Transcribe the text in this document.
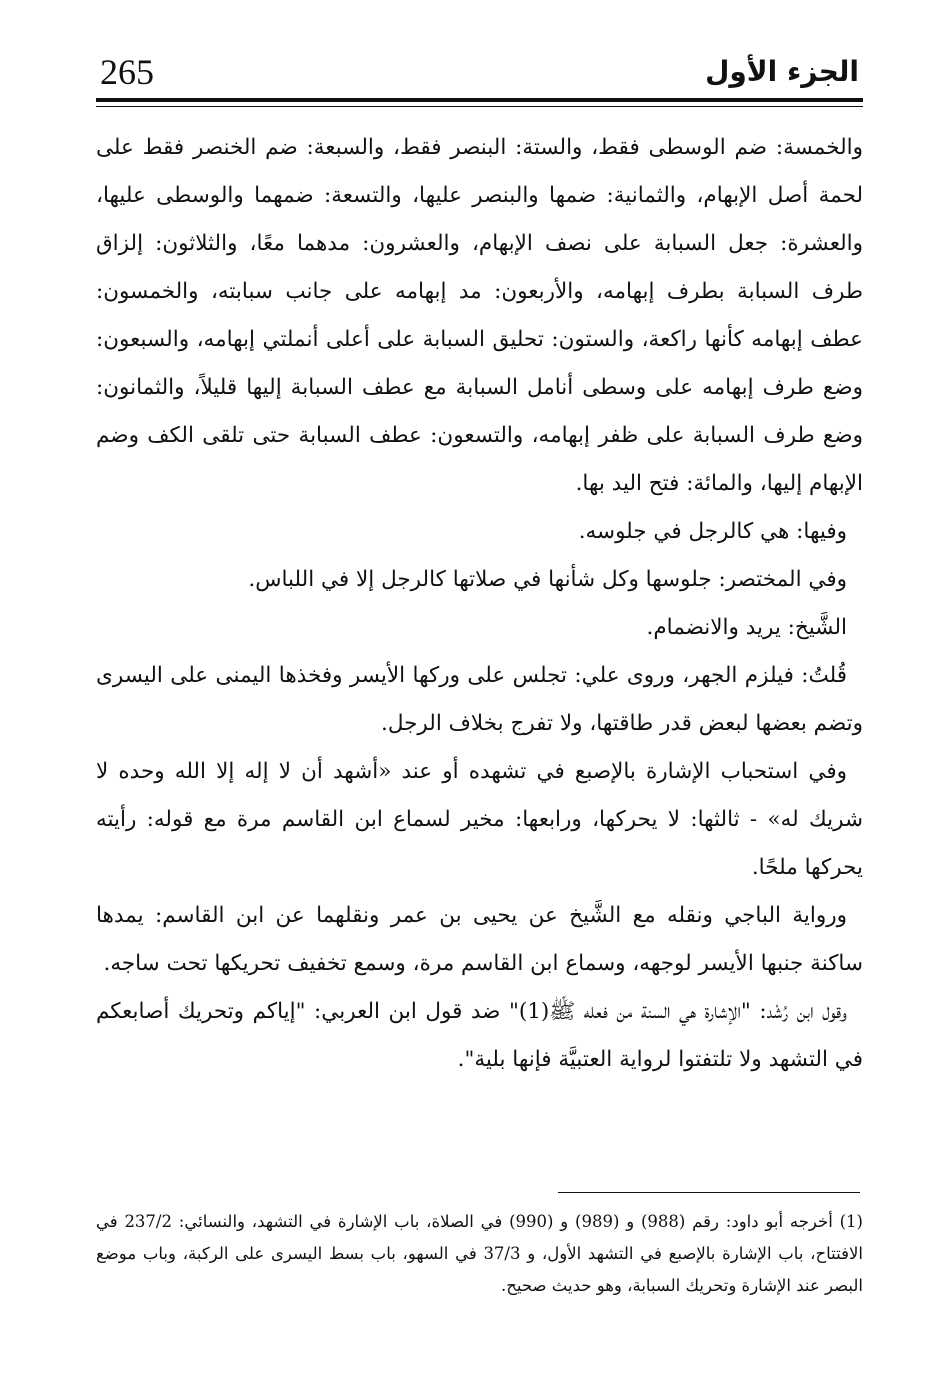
265	الجزء الأول

والخمسة: ضم الوسطى فقط، والستة: البنصر فقط، والسبعة: ضم الخنصر فقط على لحمة أصل الإبهام، والثمانية: ضمها والبنصر عليها، والتسعة: ضمهما والوسطى عليها، والعشرة: جعل السبابة على نصف الإبهام، والعشرون: مدهما معًا، والثلاثون: إلزاق طرف السبابة بطرف إبهامه، والأربعون: مد إبهامه على جانب سبابته، والخمسون: عطف إبهامه كأنها راكعة، والستون: تحليق السبابة على أعلى أنملتي إبهامه، والسبعون: وضع طرف إبهامه على وسطى أنامل السبابة مع عطف السبابة إليها قليلاً، والثمانون: وضع طرف السبابة على ظفر إبهامه، والتسعون: عطف السبابة حتى تلقى الكف وضم الإبهام إليها، والمائة: فتح اليد بها.

وفيها: هي كالرجل في جلوسه.

وفي المختصر: جلوسها وكل شأنها في صلاتها كالرجل إلا في اللباس.

الشَّيخ: يريد والانضمام.

قُلتُ: فيلزم الجهر، وروى علي: تجلس على وركها الأيسر وفخذها اليمنى على اليسرى وتضم بعضها لبعض قدر طاقتها، ولا تفرج بخلاف الرجل.

وفي استحباب الإشارة بالإصبع في تشهده أو عند «أشهد أن لا إله إلا الله وحده لا شريك له» - ثالثها: لا يحركها، ورابعها: مخير لسماع ابن القاسم مرة مع قوله: رأيته يحركها ملحًا.

ورواية الباجي ونقله مع الشَّيخ عن يحيى بن عمر ونقلهما عن ابن القاسم: يمدها ساكنة جنبها الأيسر لوجهه، وسماع ابن القاسم مرة، وسمع تخفيف تحريكها تحت ساجه.

وقول ابن رُشْد: "الإشارة هي السنة من فعله ﷺ(1)" ضد قول ابن العربي: "إياكم وتحريك أصابعكم في التشهد ولا تلتفتوا لرواية العتبيَّة فإنها بلية".

(1) أخرجه أبو داود: رقم (988) و (989) و (990) في الصلاة، باب الإشارة في التشهد، والنسائي: 237/2 في الافتتاح، باب الإشارة بالإصبع في التشهد الأول، و 37/3 في السهو، باب بسط اليسرى على الركبة، وباب موضع البصر عند الإشارة وتحريك السبابة، وهو حديث صحيح.
